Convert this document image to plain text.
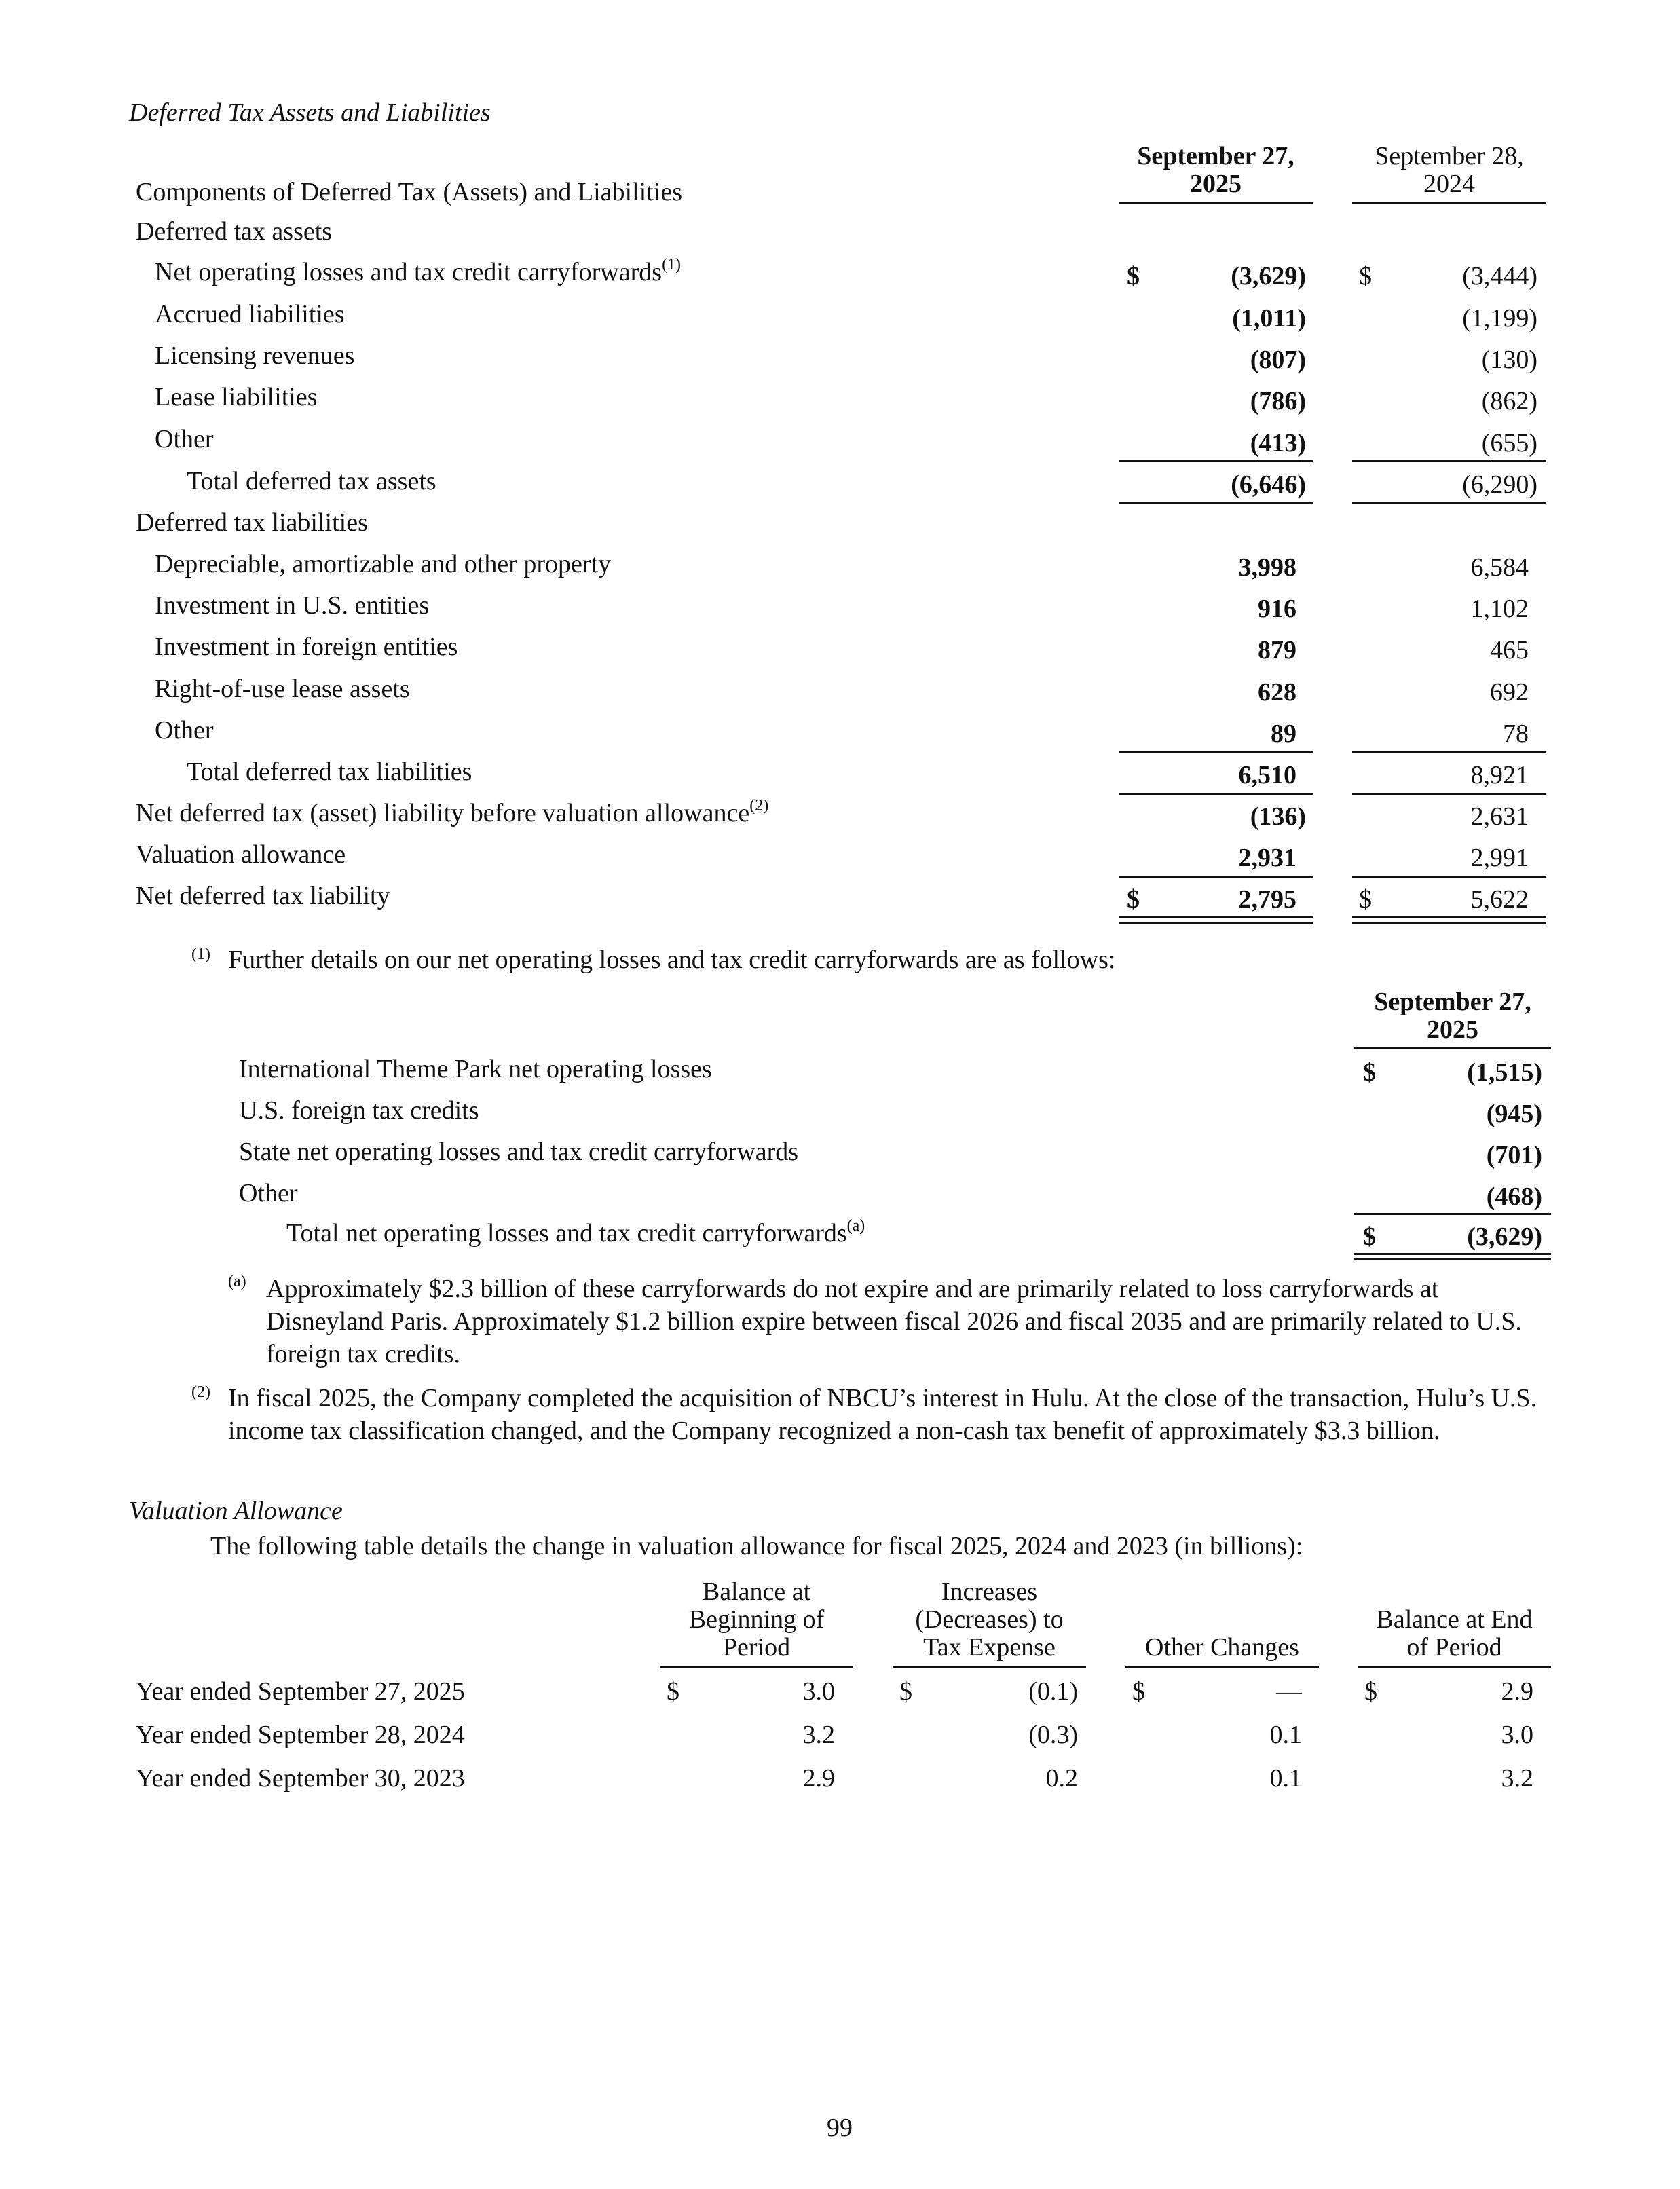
Deferred Tax Assets and Liabilities
Components of Deferred Tax (Assets) and Liabilities
September 27,
2025
September 28,
2024
Deferred tax assets
Net operating losses and tax credit carryforwards$^{(1)}$	$	(3,629) $	(3,444)
Accrued liabilities	(1,011)	(1,199)
Licensing revenues	(807)	(130)
Lease liabilities	(786)	(862)
Other	(413)	(655)
Total deferred tax assets	(6,646)	(6,290)
Deferred tax liabilities
Depreciable, amortizable and other property	3,998	6,584
Investment in U.S. entities	916	1,102
Investment in foreign entities	879	465
Right-of-use lease assets	628	692
Other	89	78
Total deferred tax liabilities	6,510	8,921
Net deferred tax (asset) liability before valuation allowance$^{(2)}$	(136)	2,631
Valuation allowance	2,931	2,991
Net deferred tax liability	$	2,795 $	5,622
(1) Further details on our net operating losses and tax credit carryforwards are as follows:
September 27,
2025
International Theme Park net operating losses	$	(1,515)
U.S. foreign tax credits	(945)
State net operating losses and tax credit carryforwards	(701)
Other	(468)
Total net operating losses and tax credit carryforwards$^{(a)}$	$	(3,629)
(a) Approximately $2.3 billion of these carryforwards do not expire and are primarily related to loss carryforwards at Disneyland Paris. Approximately $1.2 billion expire between fiscal 2026 and fiscal 2035 and are primarily related to U.S. foreign tax credits.
(2) In fiscal 2025, the Company completed the acquisition of NBCU’s interest in Hulu. At the close of the transaction, Hulu’s U.S. income tax classification changed, and the Company recognized a non-cash tax benefit of approximately $3.3 billion.
Valuation Allowance
The following table details the change in valuation allowance for fiscal 2025, 2024 and 2023 (in billions):
Balance at
Beginning of
Period
Increases
(Decreases) to
Tax Expense	Other Changes
Balance at End
of Period
Year ended September 27, 2025	$	3.0	$	(0.1) $	— $	2.9
Year ended September 28, 2024	3.2	(0.3)	0.1	3.0
Year ended September 30, 2023	2.9	0.2	0.1	3.2
99
